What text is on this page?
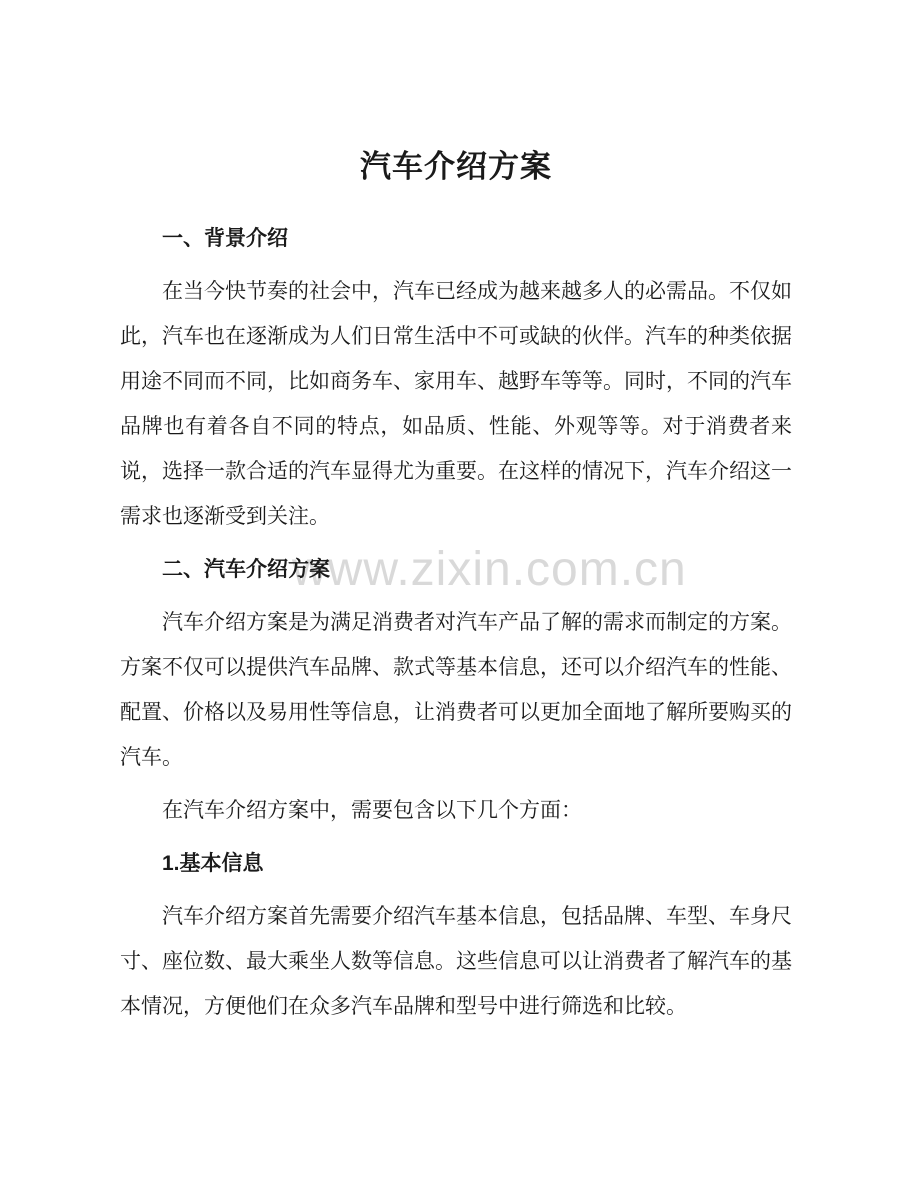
www.zixin.com.cn
汽车介绍方案
一、背景介绍

在当今快节奏的社会中，汽车已经成为越来越多人的必需品。不仅如此，汽车也在逐渐成为人们日常生活中不可或缺的伙伴。汽车的种类依据用途不同而不同，比如商务车、家用车、越野车等等。同时，不同的汽车品牌也有着各自不同的特点，如品质、性能、外观等等。对于消费者来说，选择一款合适的汽车显得尤为重要。在这样的情况下，汽车介绍这一需求也逐渐受到关注。

二、汽车介绍方案

汽车介绍方案是为满足消费者对汽车产品了解的需求而制定的方案。方案不仅可以提供汽车品牌、款式等基本信息，还可以介绍汽车的性能、配置、价格以及易用性等信息，让消费者可以更加全面地了解所要购买的汽车。

在汽车介绍方案中，需要包含以下几个方面：

1.基本信息

汽车介绍方案首先需要介绍汽车基本信息，包括品牌、车型、车身尺寸、座位数、最大乘坐人数等信息。这些信息可以让消费者了解汽车的基本情况，方便他们在众多汽车品牌和型号中进行筛选和比较。
